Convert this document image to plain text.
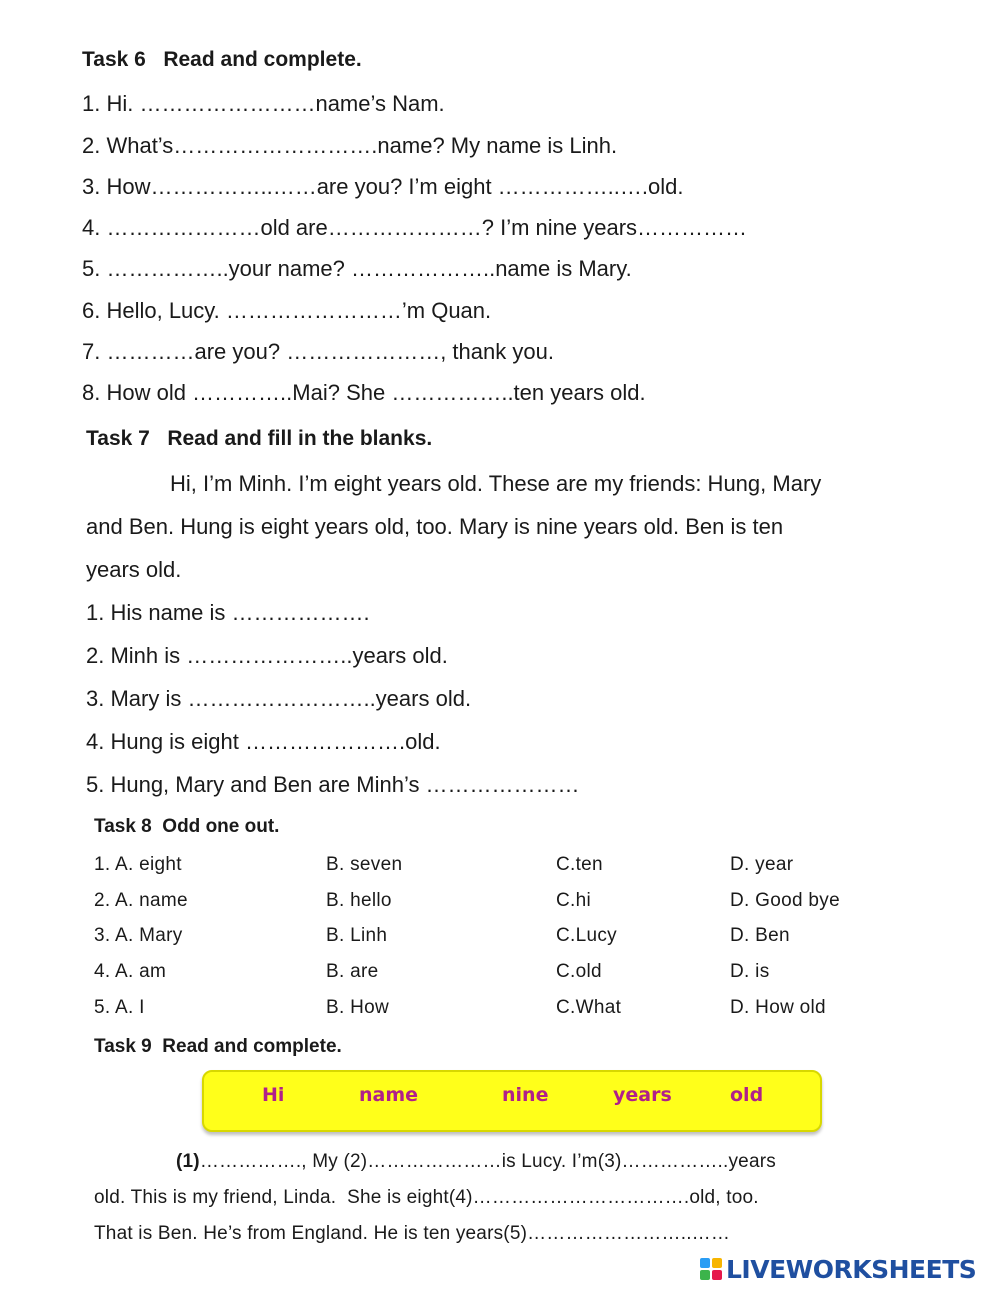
Task 6   Read and complete.
1. Hi. ……………………name’s Nam.
2. What’s……………………….name? My name is Linh.
3. How……………..……are you? I’m eight ……………..….old.
4. …………………old are…………………? I’m nine years……………
5. ……………..your name? ………………..name is Mary.
6. Hello, Lucy. ……………………’m Quan.
7. …………are you? …………………, thank you.
8. How old …………..Mai? She ……………..ten years old.
Task 7   Read and fill in the blanks.
Hi, I’m Minh. I’m eight years old. These are my friends: Hung, Mary
and Ben. Hung is eight years old, too. Mary is nine years old. Ben is ten
years old.
1. His name is ……………….
2. Minh is …………………..years old.
3. Mary is ……………………..years old.
4. Hung is eight ………………….old.
5. Hung, Mary and Ben are Minh’s …………………
Task 8  Odd one out.
1. A. eight	B. seven	C.ten	D. year
2. A. name	B. hello	C.hi	D. Good bye
3. A. Mary	B. Linh	C.Lucy	D. Ben
4. A. am	B. are	C.old	D. is
5. A. I	B. How	C.What	D. How old
Task 9  Read and complete.
Hi	name	nine	years	old
(1)……………., My (2)…………………is Lucy. I’m(3)……………..years
old. This is my friend, Linda.  She is eight(4)…………………………….old, too.
That is Ben. He’s from England. He is ten years(5)……………………..……
LIVEWORKSHEETS
